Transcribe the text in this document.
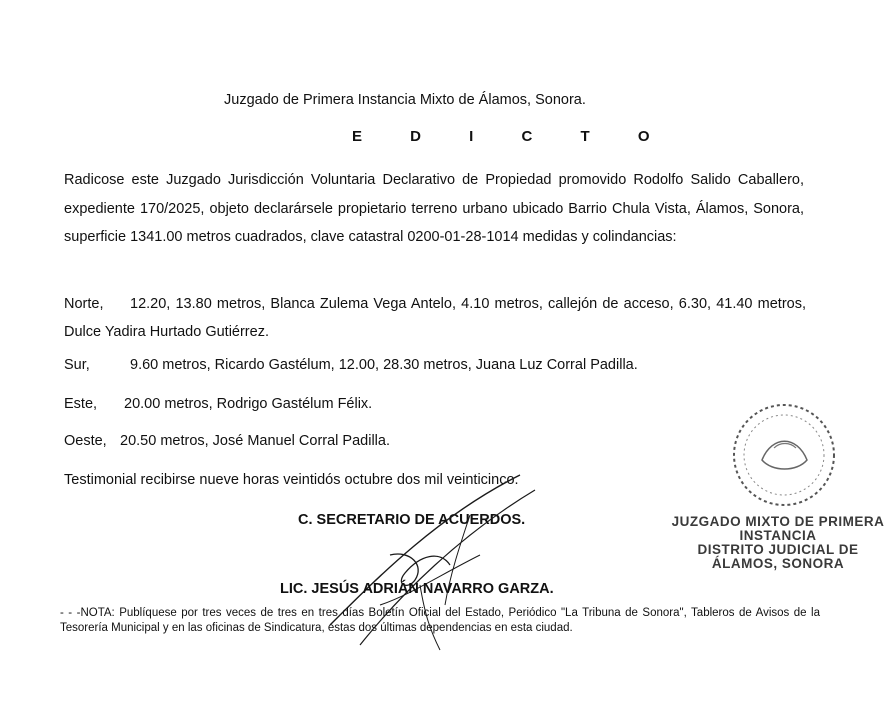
Juzgado de Primera Instancia Mixto de Álamos, Sonora.
E D I C T O
Radicose este Juzgado Jurisdicción Voluntaria Declarativo de Propiedad promovido Rodolfo Salido Caballero, expediente 170/2025, objeto declarársele propietario terreno urbano ubicado Barrio Chula Vista, Álamos, Sonora, superficie 1341.00 metros cuadrados, clave catastral 0200-01-28-1014 medidas y colindancias:
Norte, 12.20, 13.80 metros, Blanca Zulema Vega Antelo, 4.10 metros, callejón de acceso, 6.30, 41.40 metros, Dulce Yadira Hurtado Gutiérrez.
Sur,	9.60 metros, Ricardo Gastélum, 12.00, 28.30 metros, Juana Luz Corral Padilla.
Este, 20.00 metros, Rodrigo Gastélum Félix.
Oeste, 20.50 metros, José Manuel Corral Padilla.
Testimonial recibirse nueve horas veintidós octubre dos mil veinticinco.
C. SECRETARIO DE ACUERDOS.
LIC. JESÚS ADRIÁN NAVARRO GARZA.
- - -NOTA: Publíquese por tres veces de tres en tres días Boletín Oficial del Estado, Periódico "La Tribuna de Sonora", Tableros de Avisos de la Tesorería Municipal y en las oficinas de Sindicatura, estas dos últimas dependencias en esta ciudad.
JUZGADO MIXTO DE PRIMERA
INSTANCIA
DISTRITO JUDICIAL DE
ÁLAMOS, SONORA
